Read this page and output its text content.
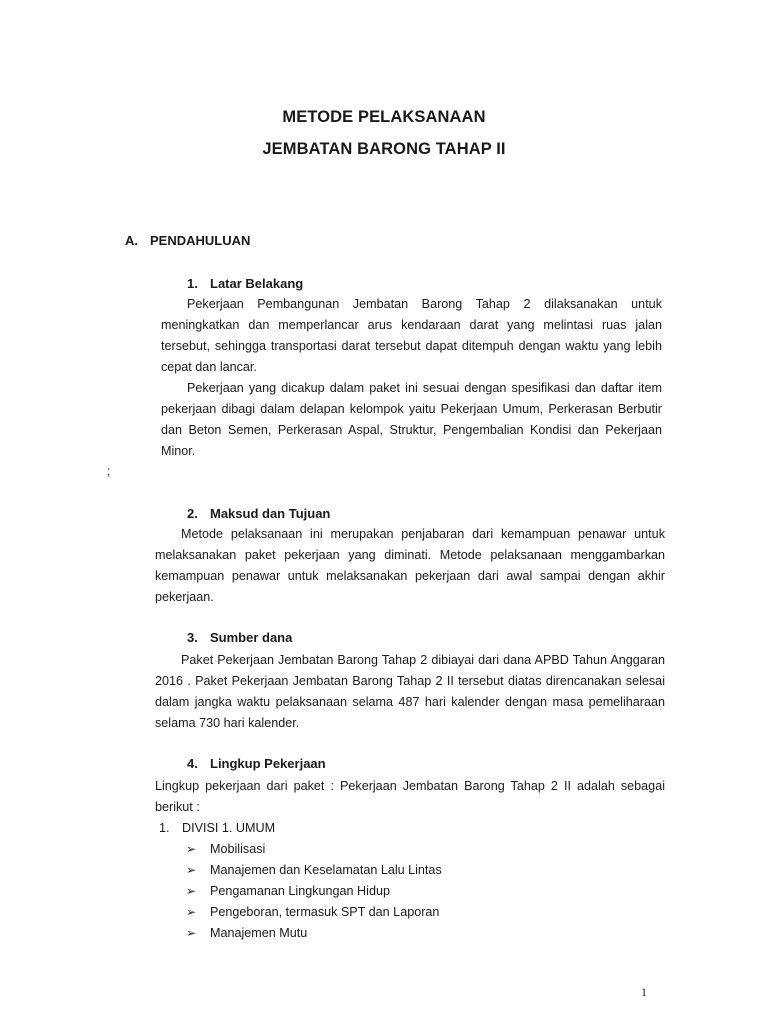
METODE PELAKSANAAN
JEMBATAN BARONG TAHAP II
A. PENDAHULUAN
1. Latar Belakang
Pekerjaan Pembangunan Jembatan Barong Tahap 2 dilaksanakan untuk meningkatkan dan memperlancar arus kendaraan darat yang melintasi ruas jalan tersebut, sehingga transportasi darat tersebut dapat ditempuh dengan waktu yang lebih cepat dan lancar.
Pekerjaan yang dicakup dalam paket ini sesuai dengan spesifikasi dan daftar item pekerjaan dibagi dalam delapan kelompok yaitu Pekerjaan Umum, Perkerasan Berbutir dan Beton Semen, Perkerasan Aspal, Struktur, Pengembalian Kondisi dan Pekerjaan Minor.
;
2. Maksud dan Tujuan
Metode pelaksanaan ini merupakan penjabaran dari kemampuan penawar untuk melaksanakan paket pekerjaan yang diminati. Metode pelaksanaan menggambarkan kemampuan penawar untuk melaksanakan pekerjaan dari awal sampai dengan akhir pekerjaan.
3. Sumber dana
Paket Pekerjaan Jembatan Barong Tahap 2 dibiayai dari dana APBD Tahun Anggaran 2016 . Paket Pekerjaan Jembatan Barong Tahap 2 II tersebut diatas direncanakan selesai dalam jangka waktu pelaksanaan selama 487 hari kalender dengan masa pemeliharaan selama 730 hari kalender.
4. Lingkup Pekerjaan
Lingkup pekerjaan dari paket : Pekerjaan Jembatan Barong Tahap 2 II adalah sebagai berikut :
1. DIVISI 1. UMUM
➢ Mobilisasi
➢ Manajemen dan Keselamatan Lalu Lintas
➢ Pengamanan Lingkungan Hidup
➢ Pengeboran, termasuk SPT dan Laporan
➢ Manajemen Mutu
1
